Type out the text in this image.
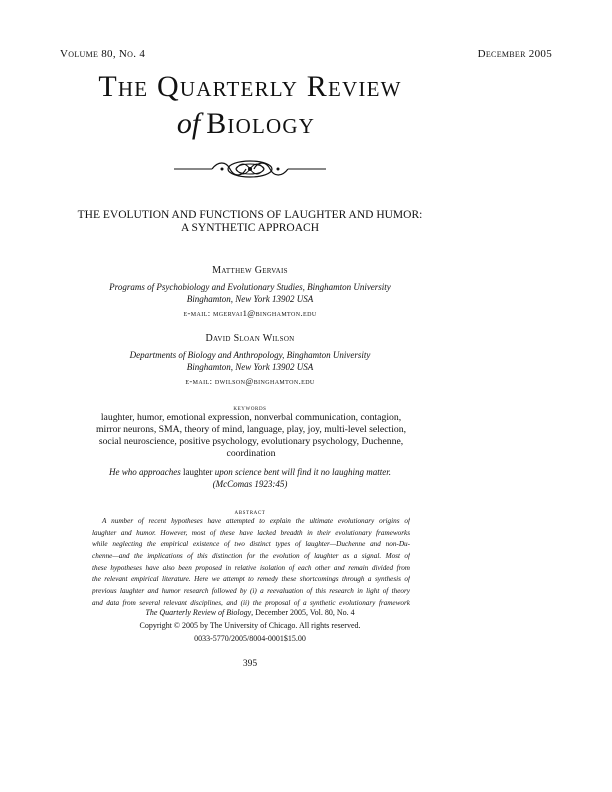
Volume 80, No. 4	December 2005
The Quarterly Review
of Biology
THE EVOLUTION AND FUNCTIONS OF LAUGHTER AND HUMOR:
A SYNTHETIC APPROACH
Matthew Gervais
Programs of Psychobiology and Evolutionary Studies, Binghamton University
Binghamton, New York 13902 USA
e-mail: mgervai1@binghamton.edu
David Sloan Wilson
Departments of Biology and Anthropology, Binghamton University
Binghamton, New York 13902 USA
e-mail: dwilson@binghamton.edu
keywords
laughter, humor, emotional expression, nonverbal communication, contagion, mirror neurons, SMA, theory of mind, language, play, joy, multi-level selection, social neuroscience, positive psychology, evolutionary psychology, Duchenne, coordination
He who approaches laughter upon science bent will find it no laughing matter.
(McComas 1923:45)
abstract
A number of recent hypotheses have attempted to explain the ultimate evolutionary origins of
laughter and humor. However, most of these have lacked breadth in their evolutionary frameworks
while neglecting the empirical existence of two distinct types of laughter—Duchenne and non-Du-
chenne—and the implications of this distinction for the evolution of laughter as a signal. Most of
these hypotheses have also been proposed in relative isolation of each other and remain divided from
the relevant empirical literature. Here we attempt to remedy these shortcomings through a synthesis of
previous laughter and humor research followed by (i) a reevaluation of this research in light of theory
and data from several relevant disciplines, and (ii) the proposal of a synthetic evolutionary framework
The Quarterly Review of Biology, December 2005, Vol. 80, No. 4
Copyright © 2005 by The University of Chicago. All rights reserved.
0033-5770/2005/8004-0001$15.00
395
